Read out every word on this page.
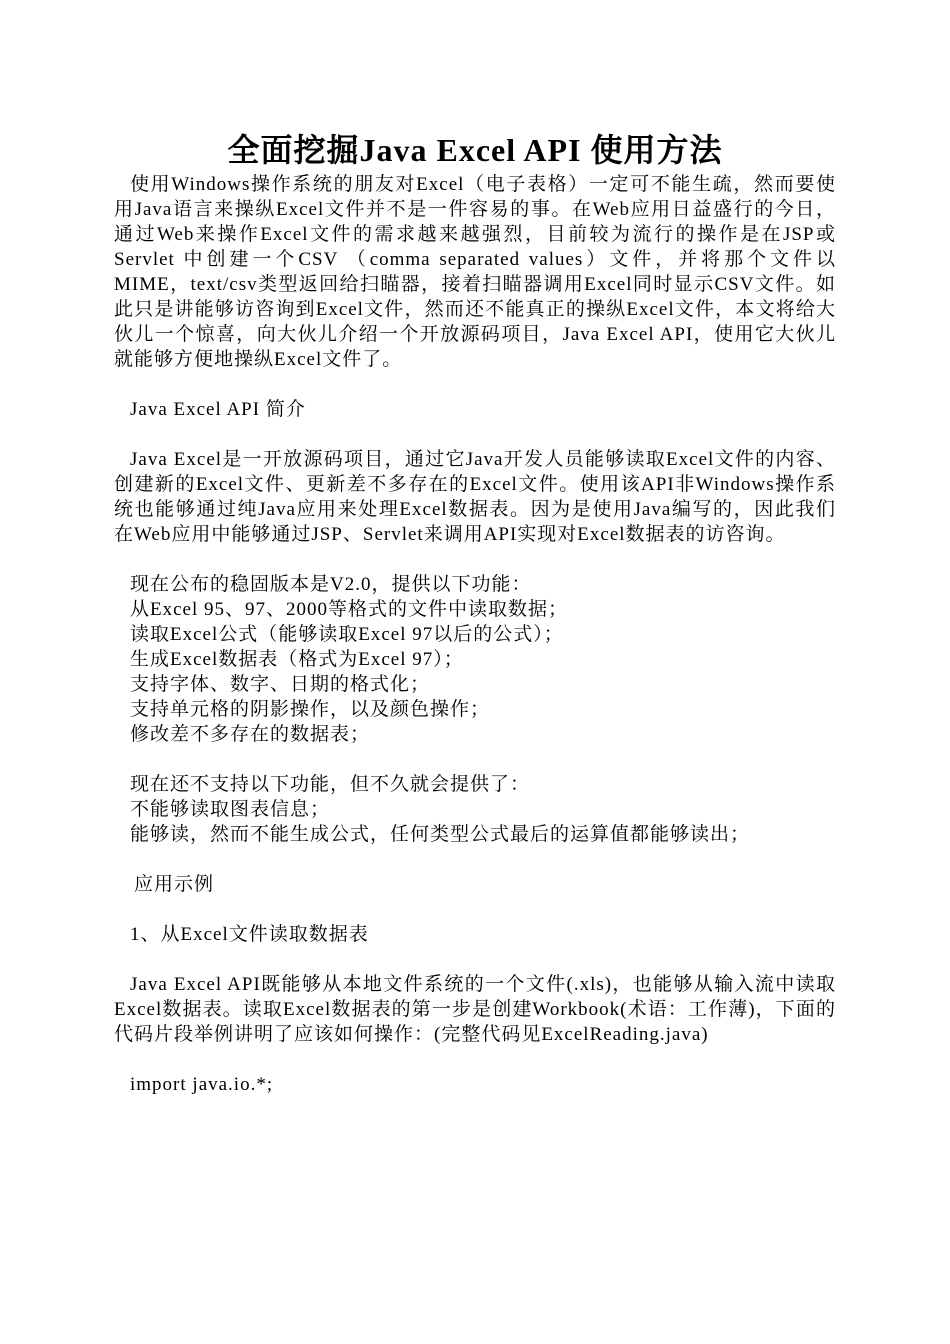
全面挖掘Java Excel API 使用方法

使用Windows操作系统的朋友对Excel（电子表格）一定可不能生疏，然而要使用Java语言来操纵Excel文件并不是一件容易的事。在Web应用日益盛行的今日，通过Web来操作Excel文件的需求越来越强烈，目前较为流行的操作是在JSP或Servlet 中创建一个CSV （comma separated values）文件，并将那个文件以MIME，text/csv类型返回给扫瞄器，接着扫瞄器调用Excel同时显示CSV文件。如此只是讲能够访咨询到Excel文件，然而还不能真正的操纵Excel文件，本文将给大伙儿一个惊喜，向大伙儿介绍一个开放源码项目，Java Excel API，使用它大伙儿就能够方便地操纵Excel文件了。

Java Excel API 简介

Java Excel是一开放源码项目，通过它Java开发人员能够读取Excel文件的内容、创建新的Excel文件、更新差不多存在的Excel文件。使用该API非Windows操作系统也能够通过纯Java应用来处理Excel数据表。因为是使用Java编写的，因此我们在Web应用中能够通过JSP、Servlet来调用API实现对Excel数据表的访咨询。

现在公布的稳固版本是V2.0，提供以下功能：

从Excel 95、97、2000等格式的文件中读取数据；
读取Excel公式（能够读取Excel 97以后的公式）；
生成Excel数据表（格式为Excel 97）；
支持字体、数字、日期的格式化；
支持单元格的阴影操作，以及颜色操作；
修改差不多存在的数据表；

现在还不支持以下功能，但不久就会提供了：

不能够读取图表信息；
能够读，然而不能生成公式，任何类型公式最后的运算值都能够读出；

应用示例

1、从Excel文件读取数据表

Java Excel API既能够从本地文件系统的一个文件(.xls)，也能够从输入流中读取Excel数据表。读取Excel数据表的第一步是创建Workbook(术语：工作薄)，下面的代码片段举例讲明了应该如何操作：(完整代码见ExcelReading.java)

import java.io.*;
